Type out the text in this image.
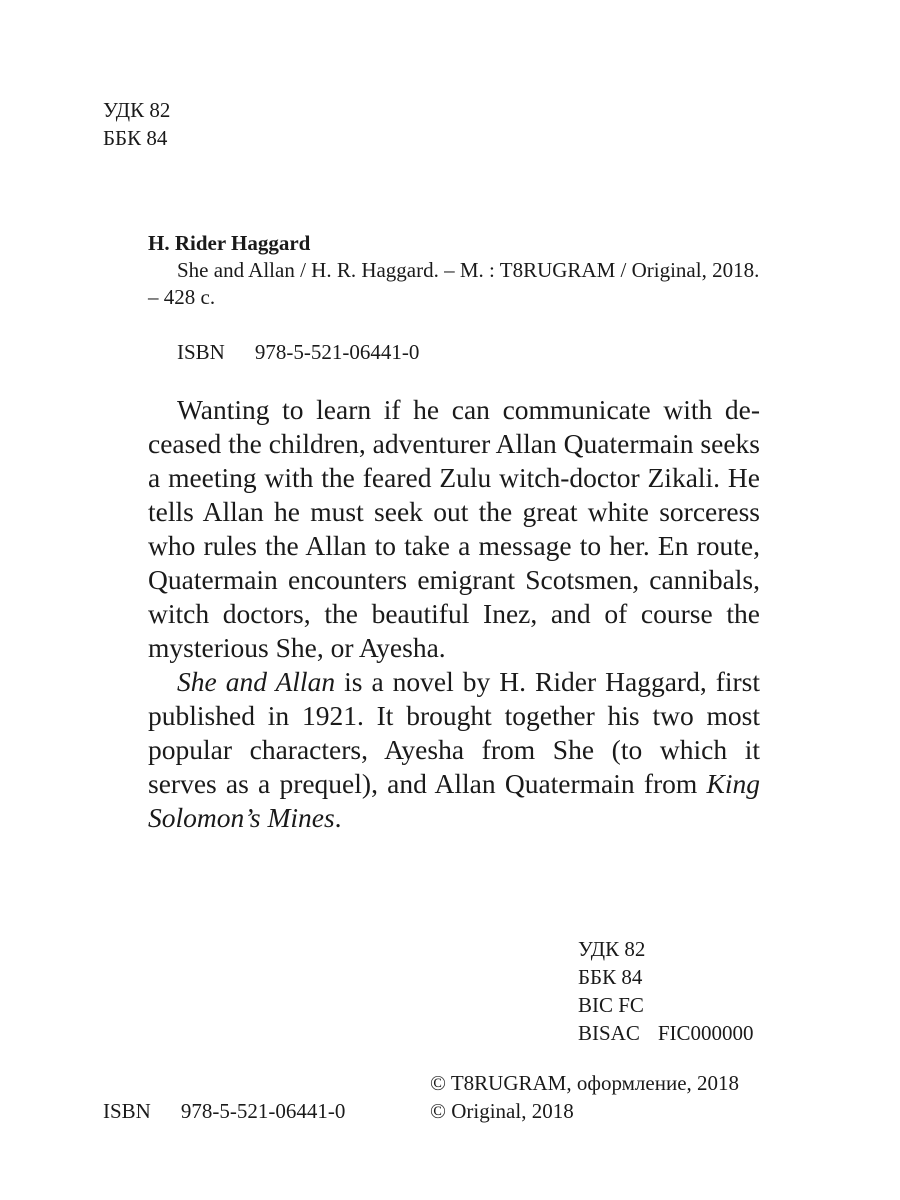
УДК 82
ББК 84
H. Rider Haggard

She and Allan / H. R. Haggard. – M. : T8RUGRAM / Original, 2018. – 428 c.

ISBN 978-5-521-06441-0

Wanting to learn if he can communicate with deceased the children, adventurer Allan Quatermain seeks a meeting with the feared Zulu witch-doctor Zikali. He tells Allan he must seek out the great white sorceress who rules the Allan to take a message to her. En route, Quatermain encounters emigrant Scotsmen, cannibals, witch doctors, the beautiful Inez, and of course the mysterious She, or Ayesha.

She and Allan is a novel by H. Rider Haggard, first published in 1921. It brought together his two most popular characters, Ayesha from She (to which it serves as a prequel), and Allan Quatermain from King Solomon’s Mines.

УДК 82
ББК 84
BIC FC
BISAC FIC000000
© T8RUGRAM, оформление, 2018
© Original, 2018
ISBN 978-5-521-06441-0
